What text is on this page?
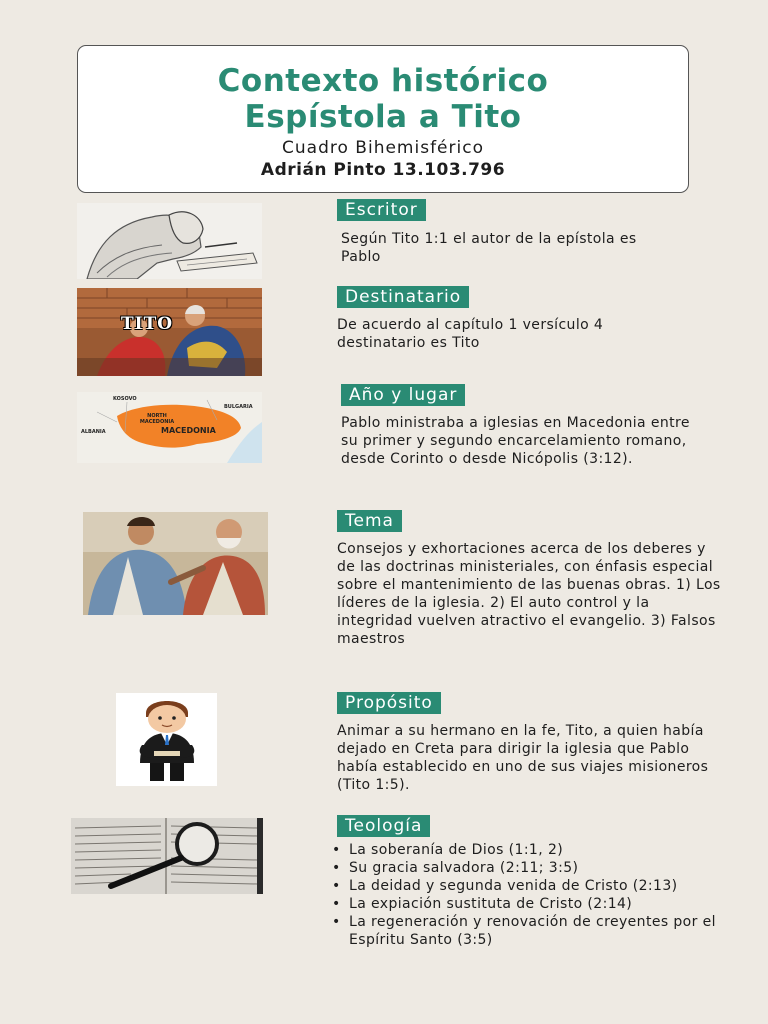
Contexto histórico
Espístola a Tito
Cuadro Bihemisférico
Adrián Pinto 13.103.796
Escritor

Según Tito 1:1 el autor de la epístola es Pablo

TITO
Destinatario

De acuerdo al capítulo 1 versículo 4 destinatario es Tito

KOSOVO
BULGARIA
ALBANIA
NORTH MACEDONIA
MACEDONIA
Año y lugar

Pablo ministraba a iglesias en Macedonia entre su primer y segundo encarcelamiento romano, desde Corinto o desde Nicópolis (3:12).

Tema

Consejos y exhortaciones acerca de los deberes y de las doctrinas ministeriales, con énfasis especial sobre el mantenimiento de las buenas obras. 1) Los líderes de la iglesia. 2) El auto control y la integridad vuelven atractivo el evangelio. 3) Falsos maestros

Propósito

Animar a su hermano en la fe, Tito, a quien había dejado en Creta para dirigir la iglesia que Pablo había establecido en uno de sus viajes misioneros (Tito 1:5).

Teología
• La soberanía de Dios (1:1, 2)
• Su gracia salvadora (2:11; 3:5)
• La deidad y segunda venida de Cristo (2:13)
• La expiación sustituta de Cristo (2:14)
• La regeneración y renovación de creyentes por el Espíritu Santo (3:5)
